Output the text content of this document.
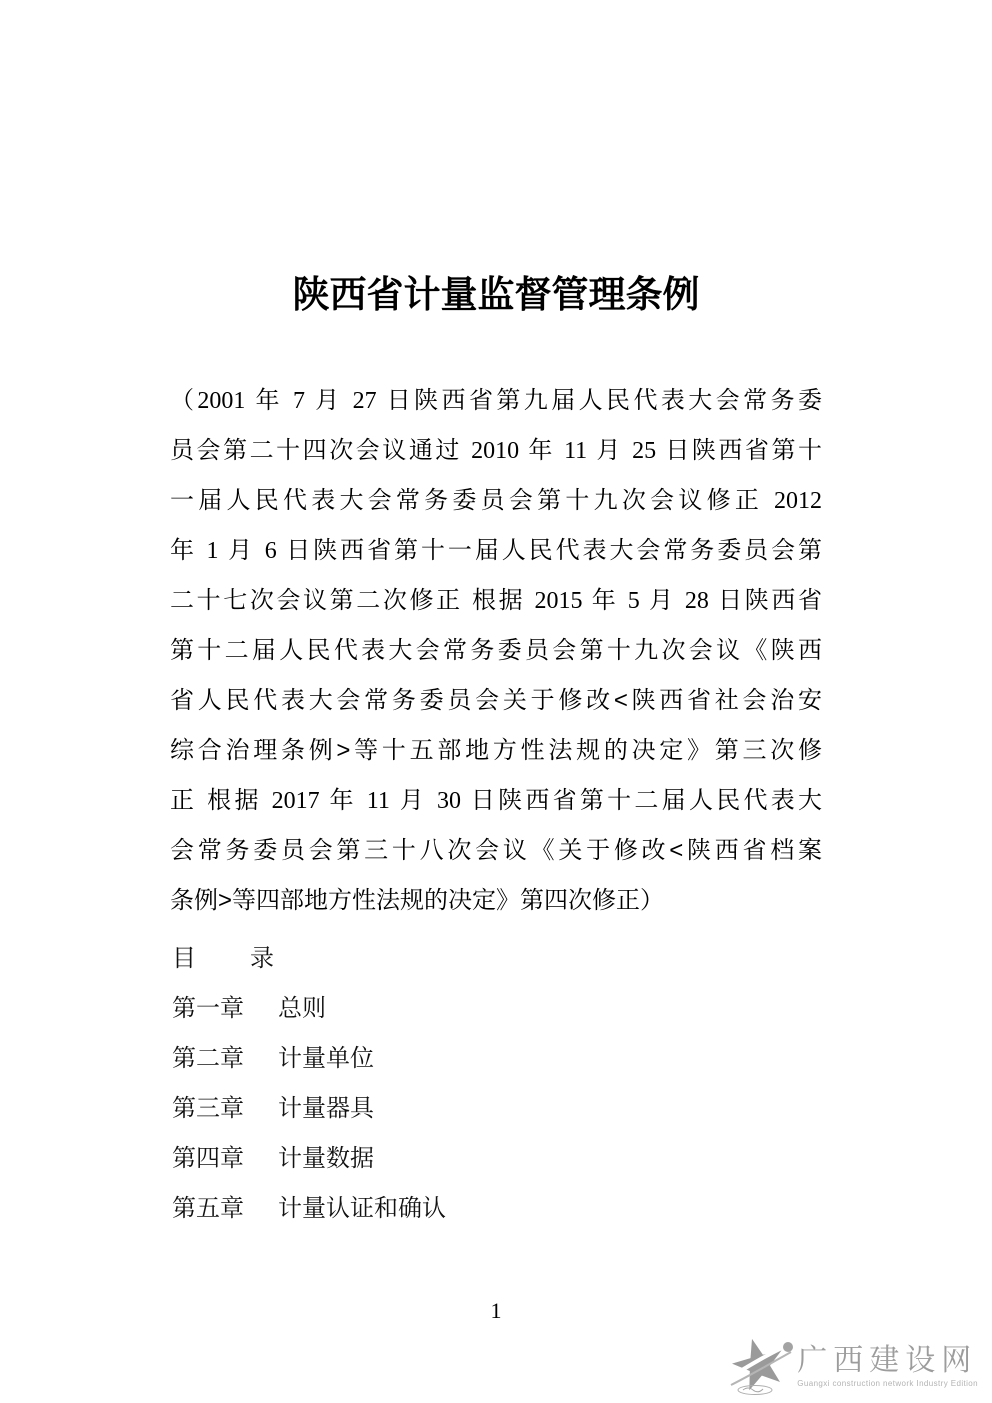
陕西省计量监督管理条例
（2001 年 7 月 27 日陕西省第九届人民代表大会常务委
员会第二十四次会议通过 2010 年 11 月 25 日陕西省第十
一届人民代表大会常务委员会第十九次会议修正 2012
年 1 月 6 日陕西省第十一届人民代表大会常务委员会第
二十七次会议第二次修正 根据 2015 年 5 月 28 日陕西省
第十二届人民代表大会常务委员会第十九次会议《陕西
省人民代表大会常务委员会关于修改<陕西省社会治安
综合治理条例>等十五部地方性法规的决定》第三次修
正 根据 2017 年 11 月 30 日陕西省第十二届人民代表大
会常务委员会第三十八次会议《关于修改<陕西省档案
条例>等四部地方性法规的决定》第四次修正）
目 录
第一章 总则
第二章 计量单位
第三章 计量器具
第四章 计量数据
第五章 计量认证和确认
1
广西建设网
Guangxi construction network Industry Edition
